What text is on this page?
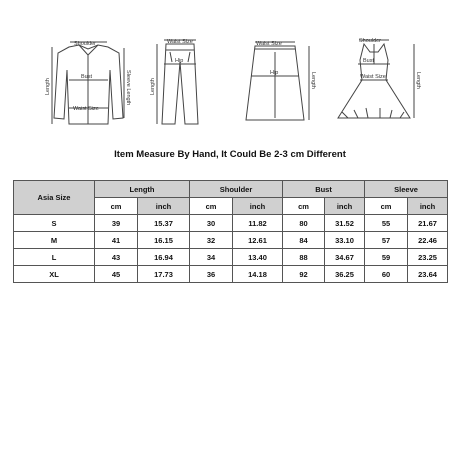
Shoulder
Bust
Waist Size
Length	Sleeve Length
Waist Size
Hip
Length
Waist Size
Hip	Length
Shoulder
Bust
Waist Size	Length
Item Measure By Hand, It Could Be 2-3 cm Different
Asia Size	Length		Shoulder		Bust		Sleeve	
	cm	inch	cm	inch	cm	inch	cm	inch
S	39	15.37	30	11.82	80	31.52	55	21.67
M	41	16.15	32	12.61	84	33.10	57	22.46
L	43	16.94	34	13.40	88	34.67	59	23.25
XL	45	17.73	36	14.18	92	36.25	60	23.64
